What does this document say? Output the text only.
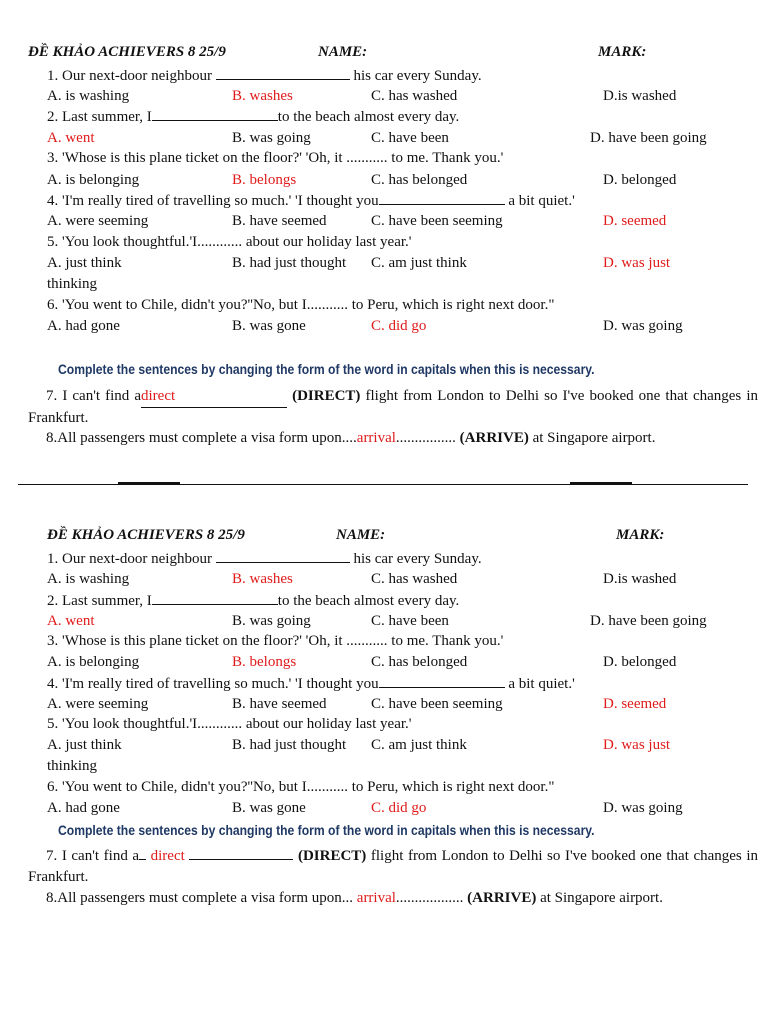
ĐỀ KHẢO ACHIEVERS 8 25/9	NAME:	MARK:
1. Our next-door neighbour	his car every Sunday.
A. is washing	B. washes	C. has washed	D.is washed
2. Last summer, I	to the beach almost every day.
A. went	B. was going	C. have been	D. have been going
3. 'Whose is this plane ticket on the floor?' 'Oh, it ........... to me. Thank you.'
A. is belonging	B. belongs	C. has belonged	D. belonged
4. 'I'm really tired of travelling so much.' 'I thought you	a bit quiet.'
A. were seeming	B. have seemed	C. have been seeming	D. seemed
5. 'You look thoughtful.'I............ about our holiday last year.'
A. just think	B. had just thought C. am just think	D. was just
thinking
6. 'You went to Chile, didn't you?''No, but I........... to Peru, which is right next door."
A. had gone	B. was gone	C. did go	D. was going
Complete the sentences by changing the form of the word in capitals when this is necessary.
7. I can't find adirect	(DIRECT) flight from London to Delhi so I've booked one that changes in Frankfurt.
8.All passengers must complete a visa form upon....arrival................ (ARRIVE) at Singapore airport.
ĐỀ KHẢO ACHIEVERS 8 25/9	NAME:	MARK:
1. Our next-door neighbour	his car every Sunday.
A. is washing	B. washes	C. has washed	D.is washed
2. Last summer, I	to the beach almost every day.
A. went	B. was going	C. have been	D. have been going
3. 'Whose is this plane ticket on the floor?' 'Oh, it ........... to me. Thank you.'
A. is belonging	B. belongs	C. has belonged	D. belonged
4. 'I'm really tired of travelling so much.' 'I thought you	a bit quiet.'
A. were seeming	B. have seemed	C. have been seeming	D. seemed
5. 'You look thoughtful.'I............ about our holiday last year.'
A. just think	B. had just thought C. am just think	D. was just
thinking
6. 'You went to Chile, didn't you?''No, but I........... to Peru, which is right next door."
A. had gone	B. was gone	C. did go	D. was going
Complete the sentences by changing the form of the word in capitals when this is necessary.
7. I can't find a direct	(DIRECT) flight from London to Delhi so I've booked one that changes in Frankfurt.
8.All passengers must complete a visa form upon... arrival.................. (ARRIVE) at Singapore airport.
